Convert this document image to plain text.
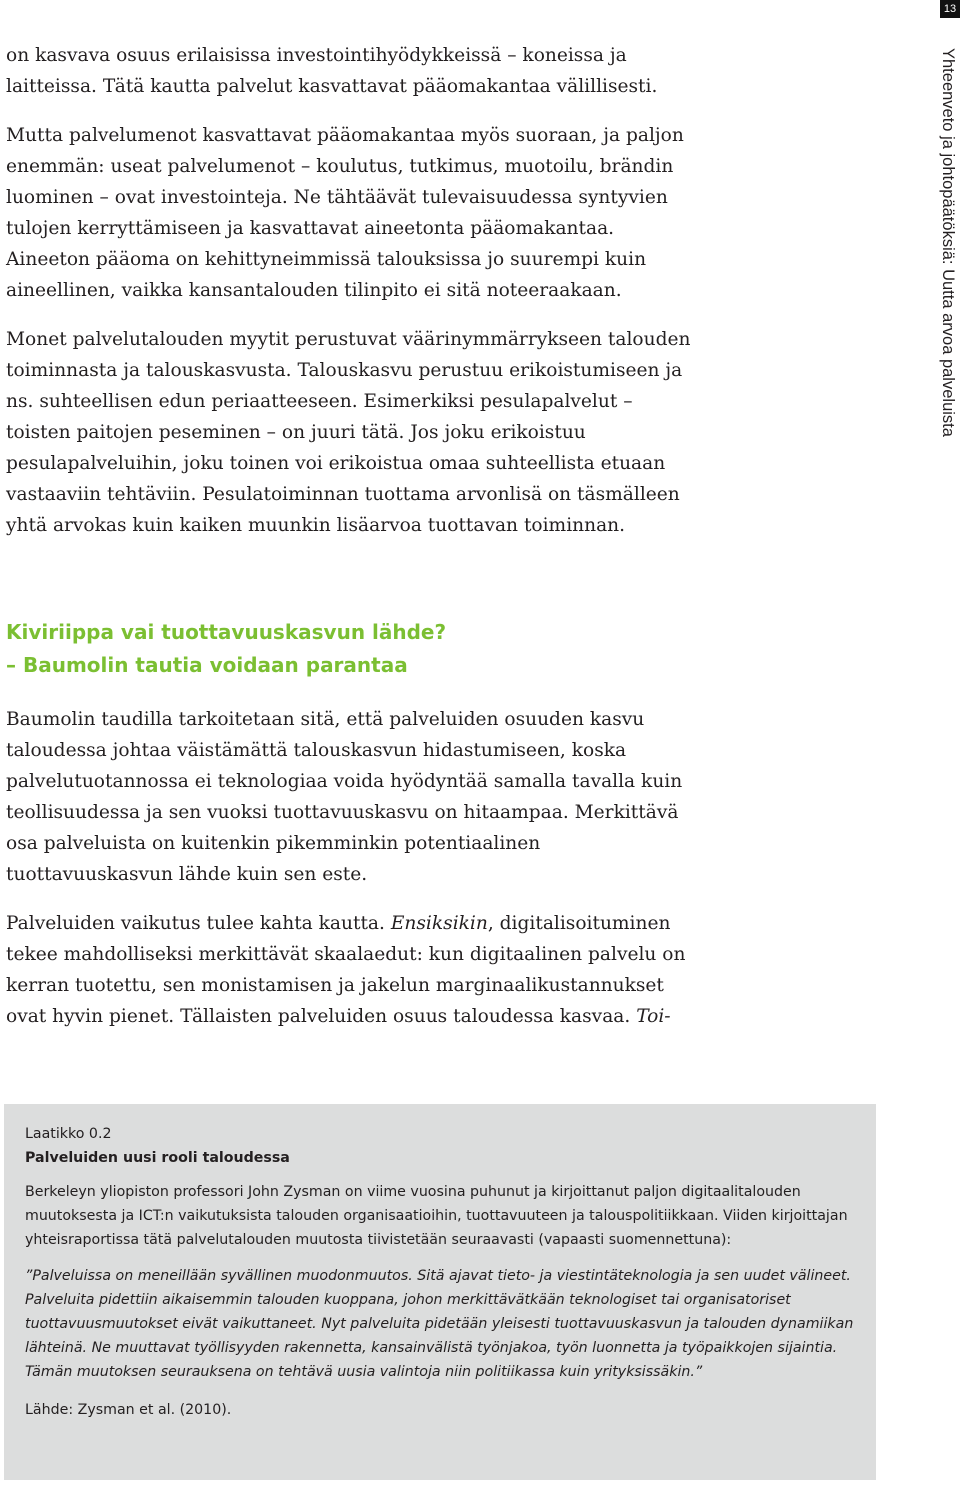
13
Yhteenveto ja johtopäätöksiä: Uutta arvoa palveluista

on kasvava osuus erilaisissa investointihyödykkeissä – koneissa ja laitteissa. Tätä kautta palvelut kasvattavat pääomakantaa välillisesti.

Mutta palvelumenot kasvattavat pääomakantaa myös suoraan, ja paljon enemmän: useat palvelumenot – koulutus, tutkimus, muotoilu, brändin luominen – ovat investointeja. Ne tähtäävät tulevaisuudessa syntyvien tulojen kerryttämiseen ja kasvattavat aineetonta pääomakantaa. Aineeton pääoma on kehittyneimmissä talouksissa jo suurempi kuin aineellinen, vaikka kansantalouden tilinpito ei sitä noteeraakaan.

Monet palvelutalouden myytit perustuvat väärinymmärrykseen talouden toiminnasta ja talouskasvusta. Talouskasvu perustuu erikoistumiseen ja ns. suhteellisen edun periaatteeseen. Esimerkiksi pesulapalvelut – toisten paitojen peseminen – on juuri tätä. Jos joku erikoistuu pesulapalveluihin, joku toinen voi erikoistua omaa suhteellista etuaan vastaaviin tehtäviin. Pesulatoiminnan tuottama arvonlisä on täsmälleen yhtä arvokas kuin kaiken muunkin lisäarvoa tuottavan toiminnan.

Kiviriippa vai tuottavuuskasvun lähde?
– Baumolin tautia voidaan parantaa

Baumolin taudilla tarkoitetaan sitä, että palveluiden osuuden kasvu taloudessa johtaa väistämättä talouskasvun hidastumiseen, koska palvelutuotannossa ei teknologiaa voida hyödyntää samalla tavalla kuin teollisuudessa ja sen vuoksi tuottavuuskasvu on hitaampaa. Merkittävä osa palveluista on kuitenkin pikemminkin potentiaalinen tuottavuuskasvun lähde kuin sen este.

Palveluiden vaikutus tulee kahta kautta. Ensiksikin, digitalisoituminen tekee mahdolliseksi merkittävät skaalaedut: kun digitaalinen palvelu on kerran tuotettu, sen monistamisen ja jakelun marginaalikustannukset ovat hyvin pienet. Tällaisten palveluiden osuus taloudessa kasvaa. Toi-

Laatikko 0.2

Palveluiden uusi rooli taloudessa

Berkeleyn yliopiston professori John Zysman on viime vuosina puhunut ja kirjoittanut paljon digitaalitalouden muutoksesta ja ICT:n vaikutuksista talouden organisaatioihin, tuottavuuteen ja talouspolitiikkaan. Viiden kirjoittajan yhteisraportissa tätä palvelutalouden muutosta tiivistetään seuraavasti (vapaasti suomennettuna):

”Palveluissa on meneillään syvällinen muodonmuutos. Sitä ajavat tieto- ja viestintäteknologia ja sen uudet välineet. Palveluita pidettiin aikaisemmin talouden kuoppana, johon merkittävätkään teknologiset tai organisatoriset tuottavuusmuutokset eivät vaikuttaneet. Nyt palveluita pidetään yleisesti tuottavuuskasvun ja talouden dynamiikan lähteinä. Ne muuttavat työllisyyden rakennetta, kansainvälistä työnjakoa, työn luonnetta ja työpaikkojen sijaintia. Tämän muutoksen seurauksena on tehtävä uusia valintoja niin politiikassa kuin yrityksissäkin.”

Lähde: Zysman et al. (2010).
